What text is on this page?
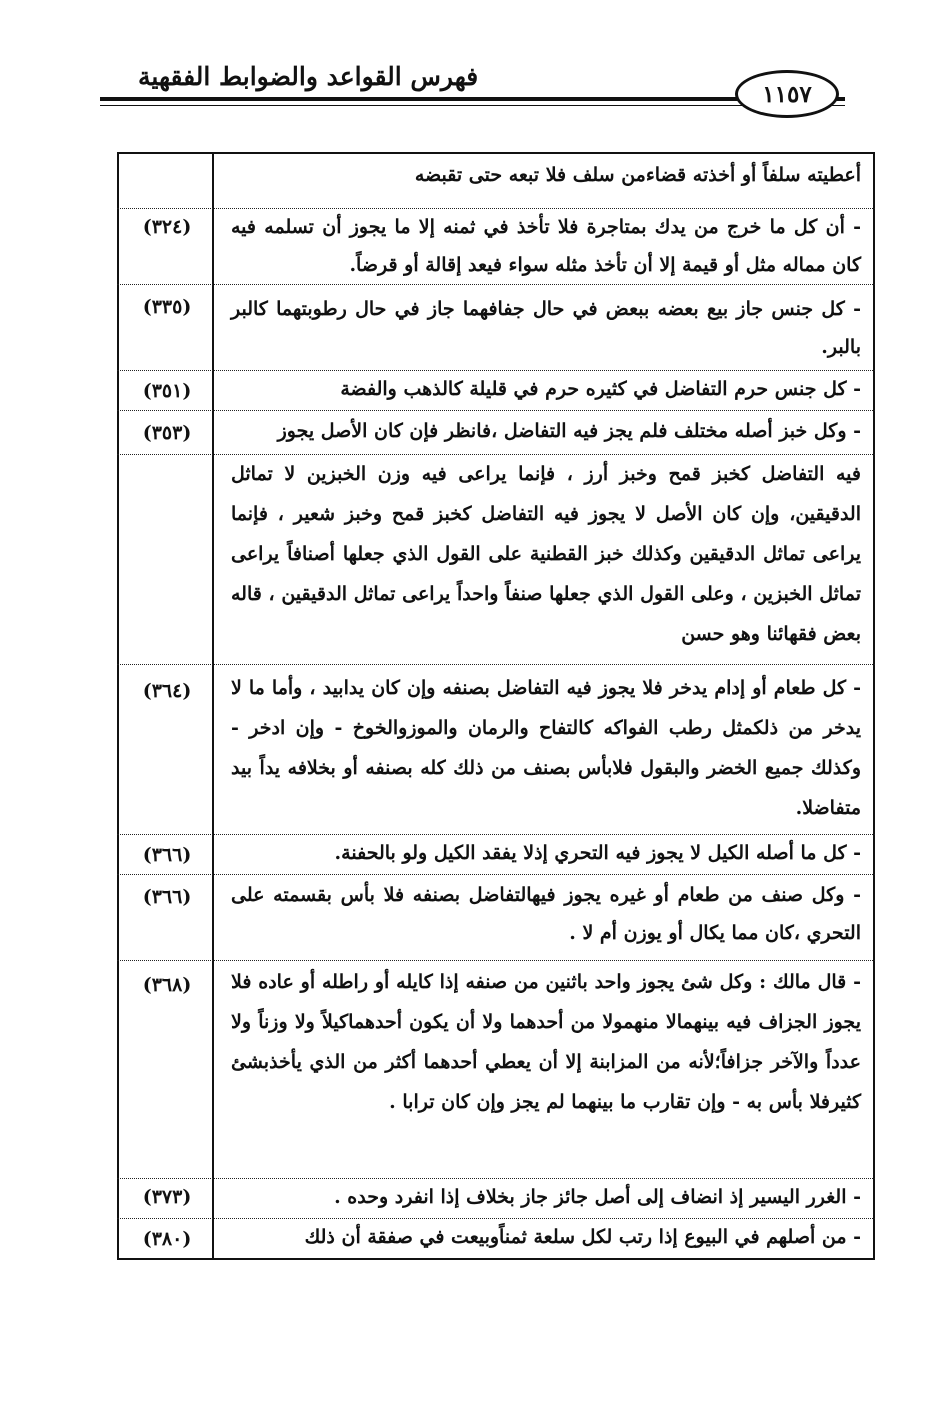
١١٥٧
فهرس القواعد والضوابط الفقهية
أعطيته سلفاً أو أخذته قضاءمن سلف فلا تبعه حتى تقبضه
- أن كل ما خرج من يدك بمتاجرة فلا تأخذ في ثمنه إلا ما يجوز أن تسلمه فيه كان مماله مثل أو قيمة إلا أن تأخذ مثله سواء فيعد إقالة أو قرضاً.
(٣٢٤)
- كل جنس جاز بيع بعضه ببعض في حال جفافهما جاز في حال رطوبتهما كالبر بالبر.
(٣٣٥)
- كل جنس حرم التفاضل في كثيره حرم في قليلة كالذهب والفضة
(٣٥١)
- وكل خبز أصله مختلف فلم يجز فيه التفاضل ،فانظر فإن كان الأصل يجوز
(٣٥٣)
فيه التفاضل كخبز قمح وخبز أرز ، فإنما يراعى فيه وزن الخبزين لا تماثل الدقيقين، وإن كان الأصل لا يجوز فيه التفاضل كخبز قمح وخبز شعير ، فإنما يراعى تماثل الدقيقين وكذلك خبز القطنية على القول الذي جعلها أصنافاً يراعى تماثل الخبزين ، وعلى القول الذي جعلها صنفاً واحداً يراعى تماثل الدقيقين ، قاله بعض فقهائنا وهو حسن
- كل طعام أو إدام يدخر فلا يجوز فيه التفاضل بصنفه وإن كان يدابيد ، وأما ما لا يدخر من ذلكمثل رطب الفواكه كالتفاح والرمان والموزوالخوخ - وإن ادخر - وكذلك جميع الخضر والبقول فلابأس بصنف من ذلك كله بصنفه أو بخلافه يداً بيد متفاضلا.
(٣٦٤)
- كل ما أصله الكيل لا يجوز فيه التحري إذلا يفقد الكيل ولو بالحفنة.
(٣٦٦)
- وكل صنف من طعام أو غيره يجوز فيهالتفاضل بصنفه فلا بأس بقسمته على التحري ،كان مما يكال أو يوزن أم لا .
(٣٦٦)
- قال مالك : وكل شئ يجوز واحد باثنين من صنفه إذا كايله أو راطله أو عاده فلا يجوز الجزاف فيه بينهمالا منهمولا من أحدهما ولا أن يكون أحدهماكيلاً ولا وزناً ولا عدداً والآخر جزافاً؛لأنه من المزابنة إلا أن يعطي أحدهما أكثر من الذي يأخذبشئ كثيرفلا بأس به - وإن تقارب ما بينهما لم يجز وإن كان ترابا .
(٣٦٨)
- الغرر اليسير إذ انضاف إلى أصل جائز جاز بخلاف إذا انفرد وحده .
(٣٧٣)
- من أصلهم في البيوع إذا رتب لكل سلعة ثمناًوبيعت في صفقة أن ذلك
(٣٨٠)
